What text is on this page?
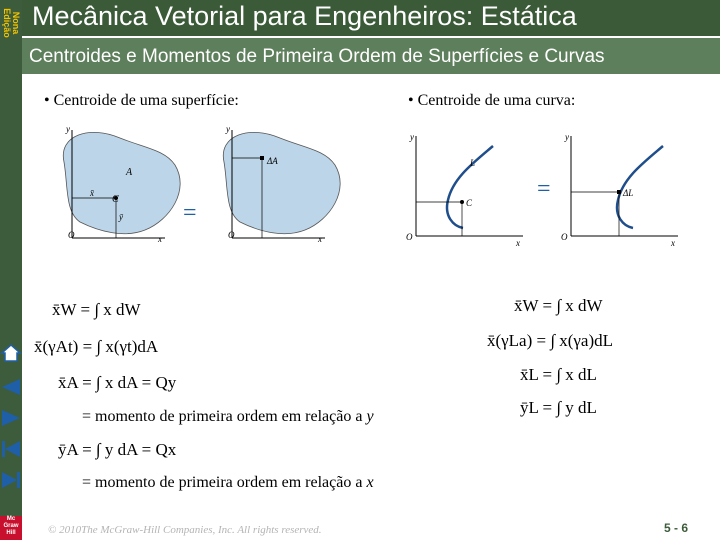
Nona
Edição Mecânica Vetorial para Engenheiros: Estática
Centroides e Momentos de Primeira Ordem de Superfícies e Curvas
Mc
Graw
Hill
• Centroide de uma superfície:	• Centroide de uma curva:
y
A
x
C
ȳ
x̄
O
=
y
ΔA
x
O
y
L
x
C
O
=
y
ΔL
x
O
x̄W = ∫ x dW
x̄(γAt) = ∫ x(γt)dA
x̄A = ∫ x dA = Qy
= momento de primeira ordem em relação a y
ȳA = ∫ y dA = Qx
= momento de primeira ordem em relação a x
x̄W = ∫ x dW
x̄(γLa) = ∫ x(γa)dL
x̄L = ∫ x dL
ȳL = ∫ y dL
© 2010The McGraw-Hill Companies, Inc. All rights reserved.	5 - 6
